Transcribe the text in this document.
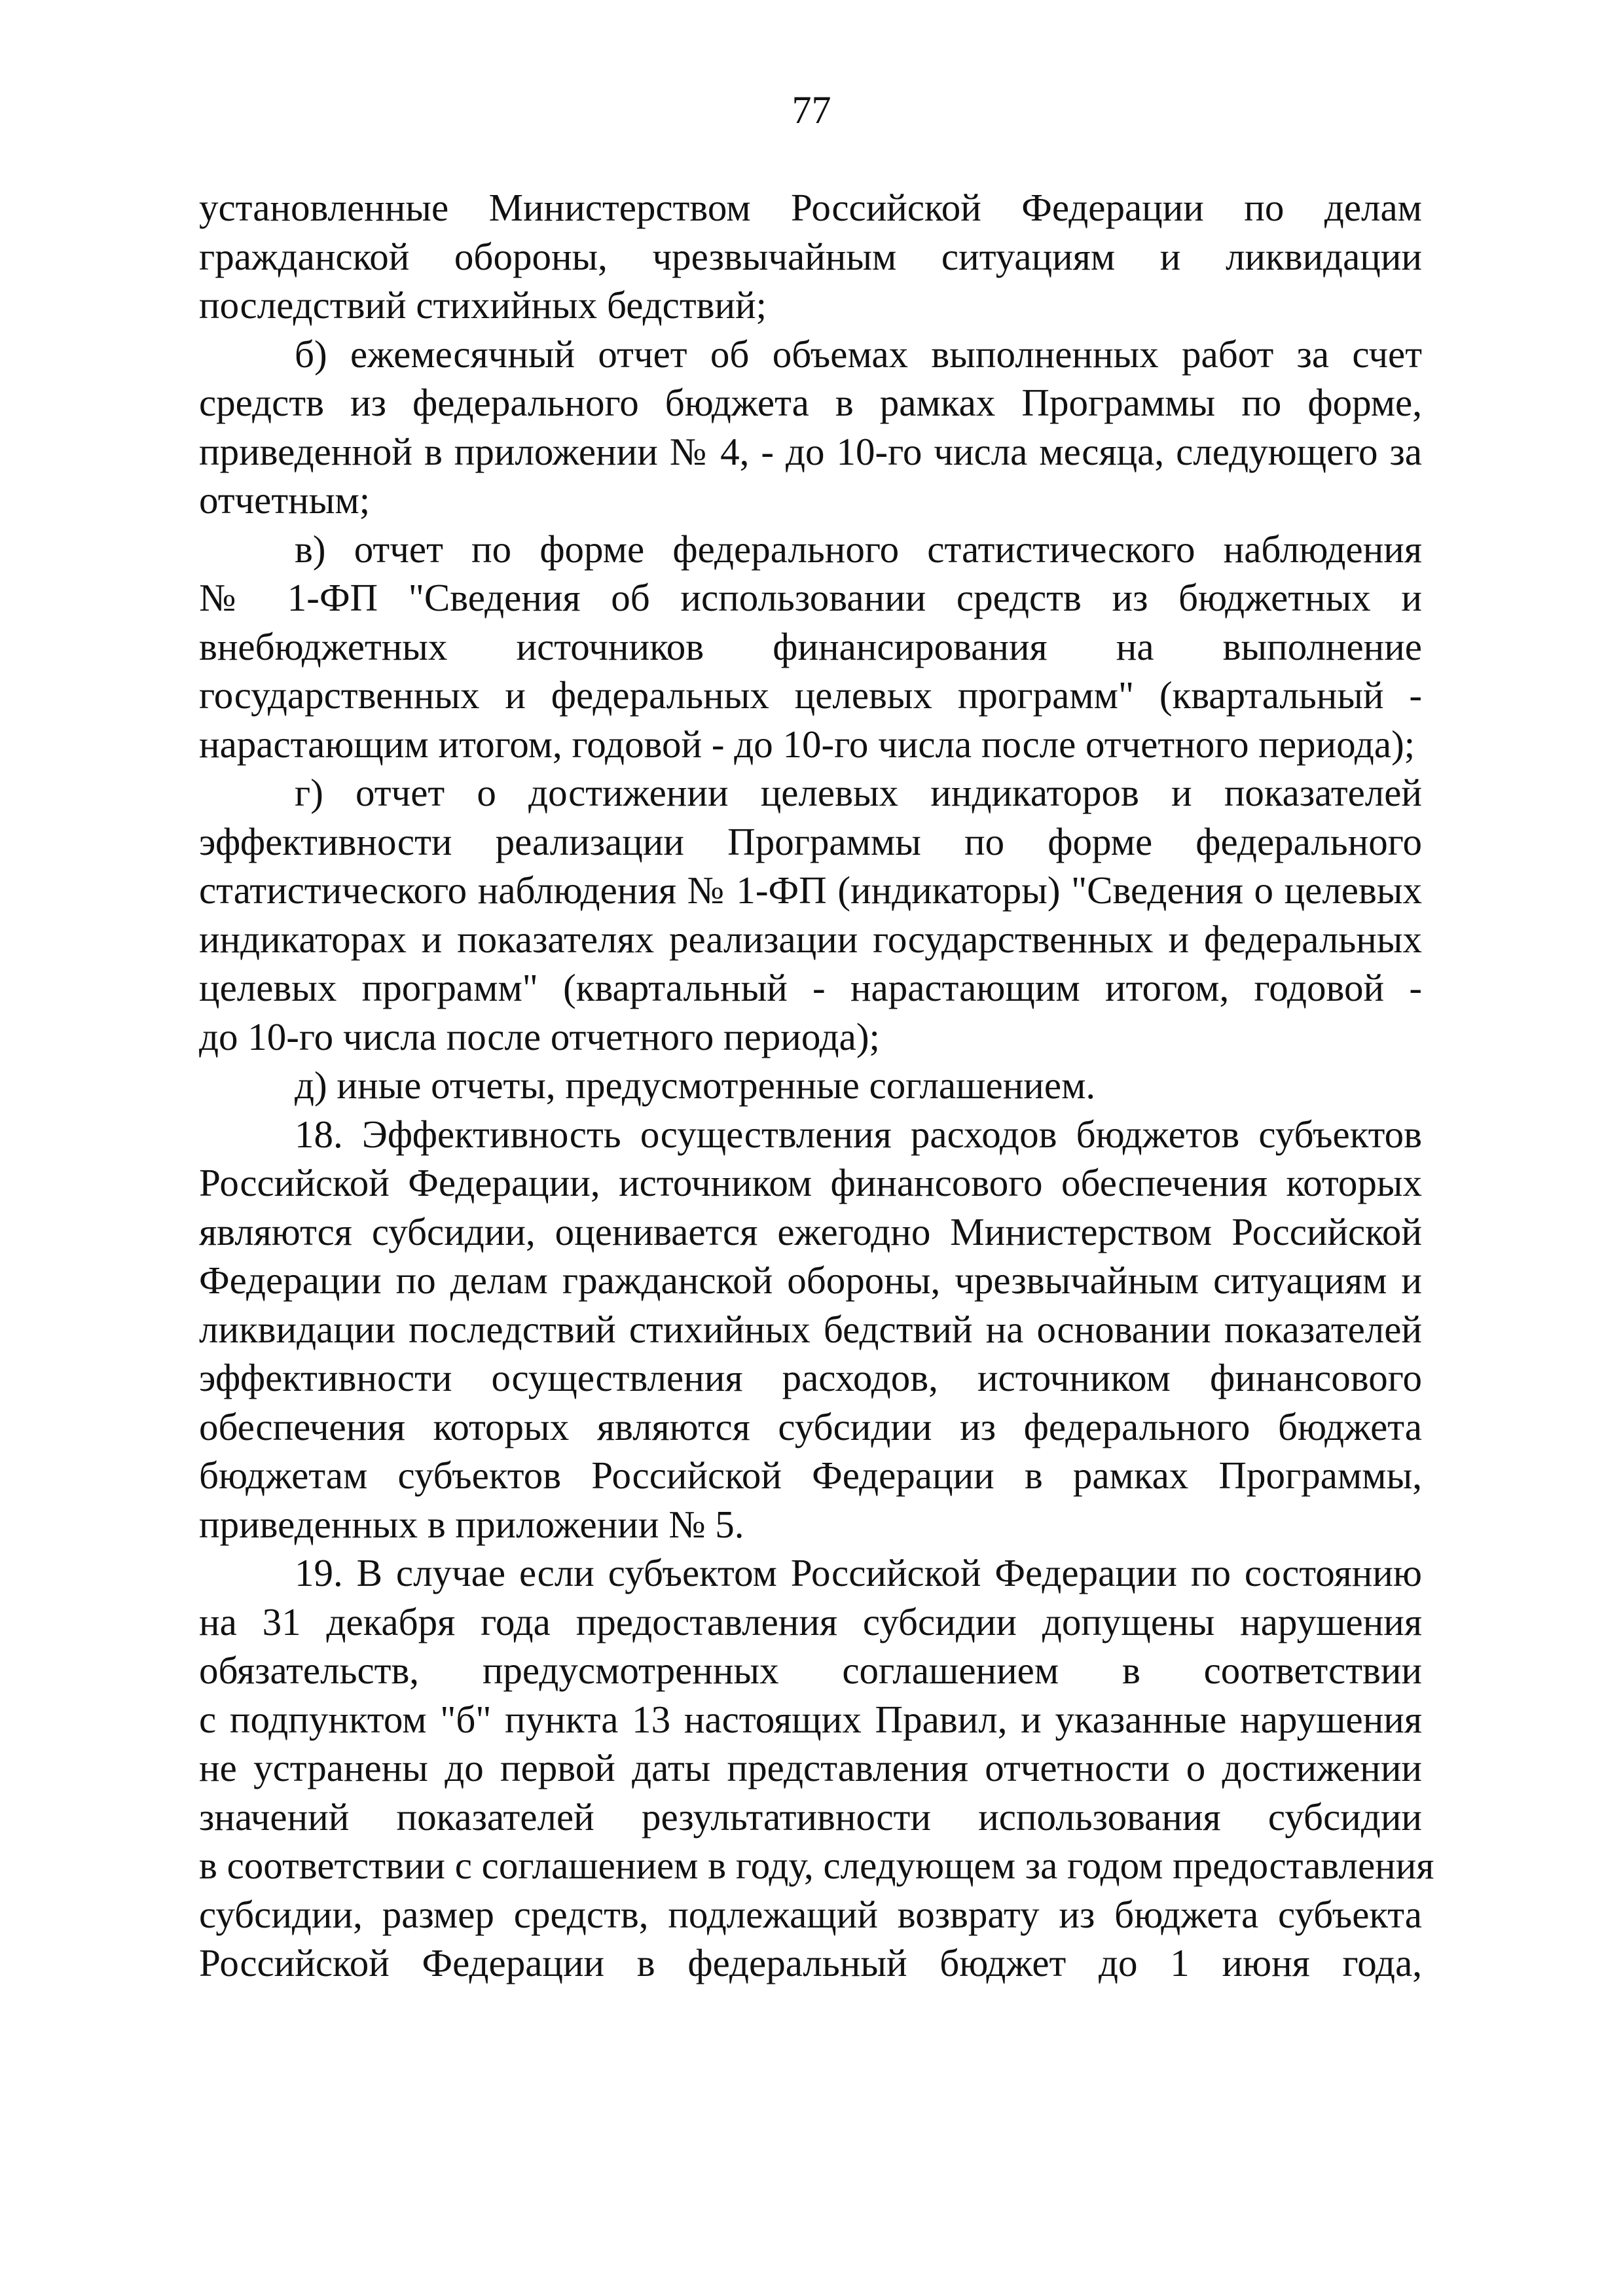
77
установленные Министерством Российской Федерации по делам
гражданской обороны, чрезвычайным ситуациям и ликвидации
последствий стихийных бедствий;
б) ежемесячный отчет об объемах выполненных работ за счет
средств из федерального бюджета в рамках Программы по форме,
приведенной в приложении № 4, - до 10-го числа месяца, следующего за
отчетным;
в) отчет по форме федерального статистического наблюдения
№ 1-ФП "Сведения об использовании средств из бюджетных и
внебюджетных источников финансирования на выполнение
государственных и федеральных целевых программ" (квартальный -
нарастающим итогом, годовой - до 10-го числа после отчетного периода);
г) отчет о достижении целевых индикаторов и показателей
эффективности реализации Программы по форме федерального
статистического наблюдения № 1-ФП (индикаторы) "Сведения о целевых
индикаторах и показателях реализации государственных и федеральных
целевых программ" (квартальный - нарастающим итогом, годовой -
до 10-го числа после отчетного периода);
д) иные отчеты, предусмотренные соглашением.
18. Эффективность осуществления расходов бюджетов субъектов
Российской Федерации, источником финансового обеспечения которых
являются субсидии, оценивается ежегодно Министерством Российской
Федерации по делам гражданской обороны, чрезвычайным ситуациям и
ликвидации последствий стихийных бедствий на основании показателей
эффективности осуществления расходов, источником финансового
обеспечения которых являются субсидии из федерального бюджета
бюджетам субъектов Российской Федерации в рамках Программы,
приведенных в приложении № 5.
19. В случае если субъектом Российской Федерации по состоянию
на 31 декабря года предоставления субсидии допущены нарушения
обязательств, предусмотренных соглашением в соответствии
с подпунктом "б" пункта 13 настоящих Правил, и указанные нарушения
не устранены до первой даты представления отчетности о достижении
значений показателей результативности использования субсидии
в соответствии с соглашением в году, следующем за годом предоставления
субсидии, размер средств, подлежащий возврату из бюджета субъекта
Российской Федерации в федеральный бюджет до 1 июня года,
